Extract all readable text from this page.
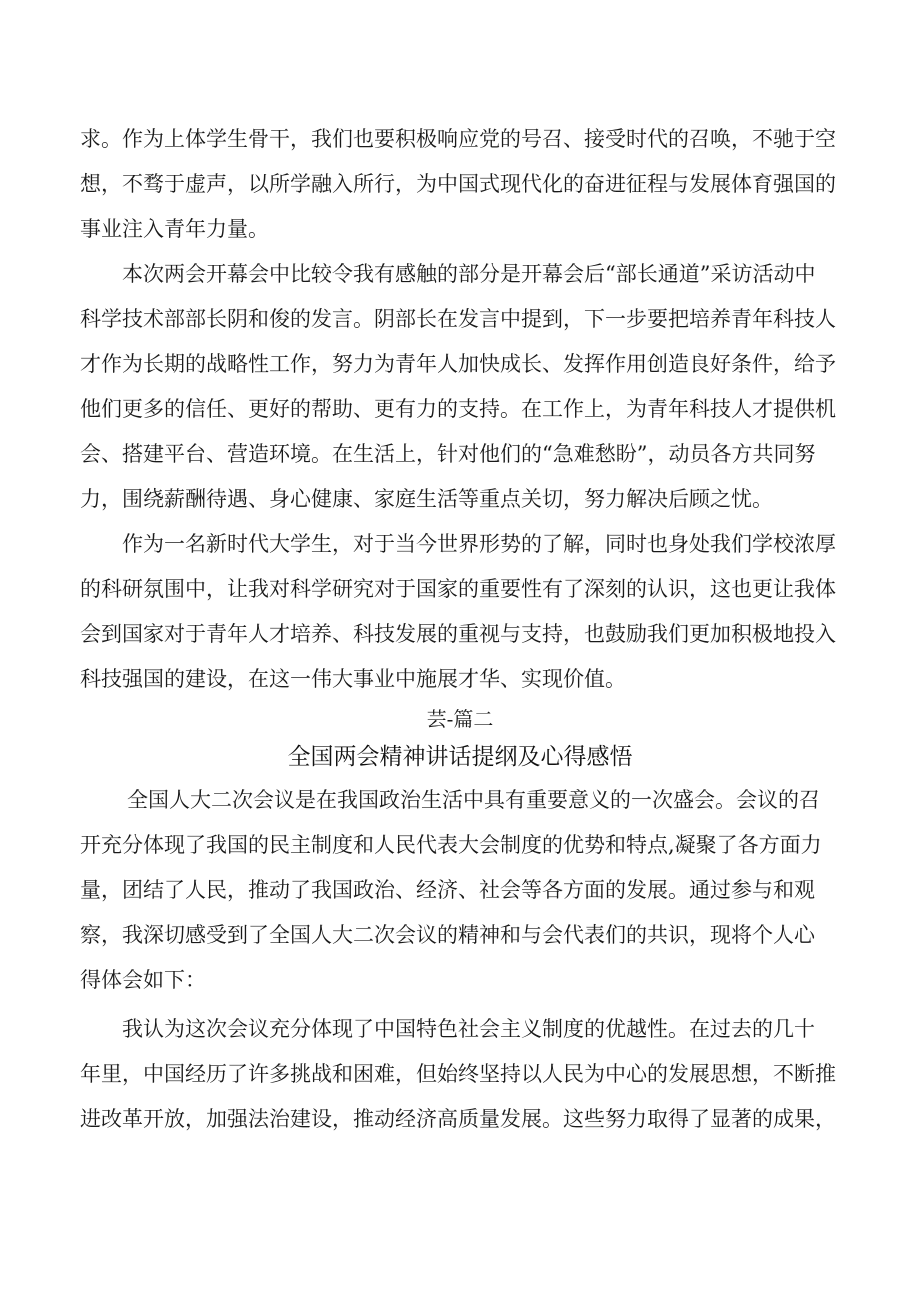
求。作为上体学生骨干，我们也要积极响应党的号召、接受时代的召唤，不驰于空
想，不骛于虚声，以所学融入所行，为中国式现代化的奋进征程与发展体育强国的
事业注入青年力量。
本次两会开幕会中比较令我有感触的部分是开幕会后“部长通道”采访活动中
科学技术部部长阴和俊的发言。阴部长在发言中提到，下一步要把培养青年科技人
才作为长期的战略性工作，努力为青年人加快成长、发挥作用创造良好条件，给予
他们更多的信任、更好的帮助、更有力的支持。在工作上，为青年科技人才提供机
会、搭建平台、营造环境。在生活上，针对他们的“急难愁盼”，动员各方共同努
力，围绕薪酬待遇、身心健康、家庭生活等重点关切，努力解决后顾之忧。
作为一名新时代大学生，对于当今世界形势的了解，同时也身处我们学校浓厚
的科研氛围中，让我对科学研究对于国家的重要性有了深刻的认识，这也更让我体
会到国家对于青年人才培养、科技发展的重视与支持，也鼓励我们更加积极地投入
科技强国的建设，在这一伟大事业中施展才华、实现价值。
芸-篇二
全国两会精神讲话提纲及心得感悟
全国人大二次会议是在我国政治生活中具有重要意义的一次盛会。会议的召
开充分体现了我国的民主制度和人民代表大会制度的优势和特点,凝聚了各方面力
量，团结了人民，推动了我国政治、经济、社会等各方面的发展。通过参与和观
察，我深切感受到了全国人大二次会议的精神和与会代表们的共识，现将个人心
得体会如下：
我认为这次会议充分体现了中国特色社会主义制度的优越性。在过去的几十
年里，中国经历了许多挑战和困难，但始终坚持以人民为中心的发展思想，不断推
进改革开放，加强法治建设，推动经济高质量发展。这些努力取得了显著的成果，
